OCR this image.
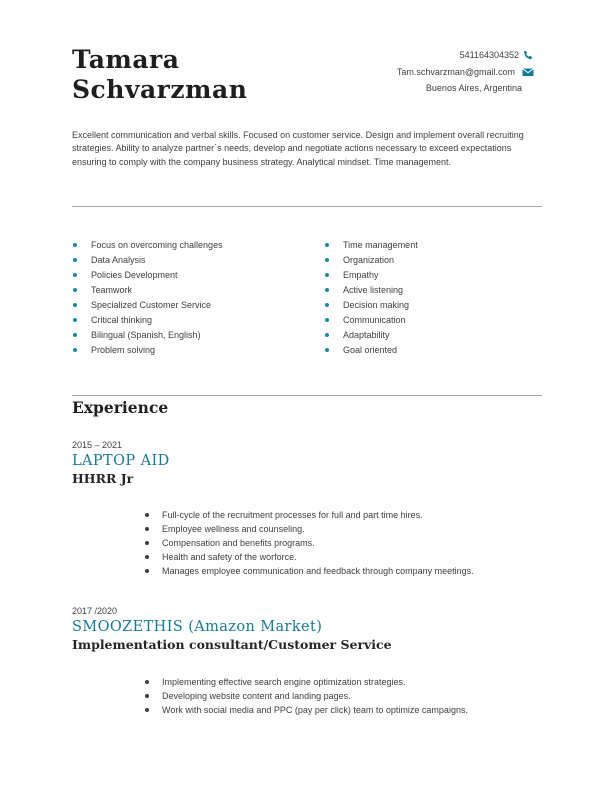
Tamara
Schvarzman
541164304352
Tam.schvarzman@gmail.com
Buenos Aires, Argentina
Excellent communication and verbal skills. Focused on customer service. Design and implement overall recruiting strategies. Ability to analyze partner´s needs, develop and negotiate actions necessary to exceed expectations ensuring to comply with the company business strategy. Analytical mindset. Time management.
Focus on overcoming challenges
Data Analysis
Policies Development
Teamwork
Specialized Customer Service
Critical thinking
Bilingual (Spanish, English)
Problem solving
Time management
Organization
Empathy
Active listening
Decision making
Communication
Adaptability
Goal oriented
Experience
2015 – 2021
LAPTOP AID
HHRR Jr
Full-cycle of the recruitment processes for full and part time hires.
Employee wellness and counseling.
Compensation and benefits programs.
Health and safety of the worforce.
Manages employee communication and feedback through company meetings.
2017 /2020
SMOOZETHIS (Amazon Market)
Implementation consultant/Customer Service
Implementing effective search engine optimization strategies.
Developing website content and landing pages.
Work with social media and PPC (pay per click) team to optimize campaigns.
